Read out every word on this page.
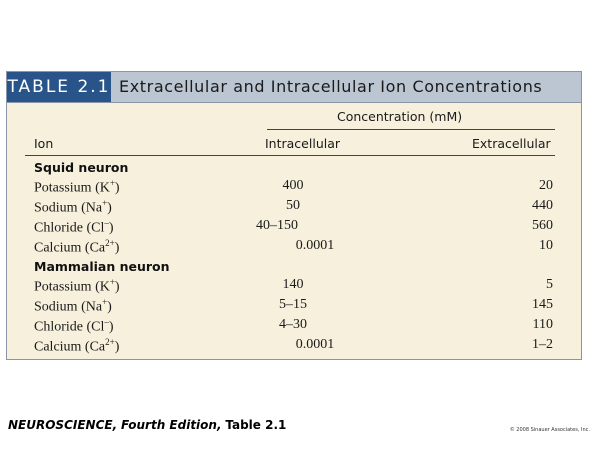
TABLE 2.1 Extracellular and Intracellular Ion Concentrations
Concentration (mM)
Ion	Intracellular	Extracellular
Squid neuron
Potassium (K+)	400	20
Sodium (Na+)	50	440
Chloride (Cl–)	40–150	560
Calcium $(Ca^{2+})$	0.0001	10
Mammalian neuron
Potassium (K+)	140	5
Sodium (Na+)	5–15	145
Chloride (Cl–)	4–30	110
Calcium $(Ca^{2+})$	0.0001	1–2
NEUROSCIENCE, Fourth Edition, Table 2.1	© 2008 Sinauer Associates, Inc.
